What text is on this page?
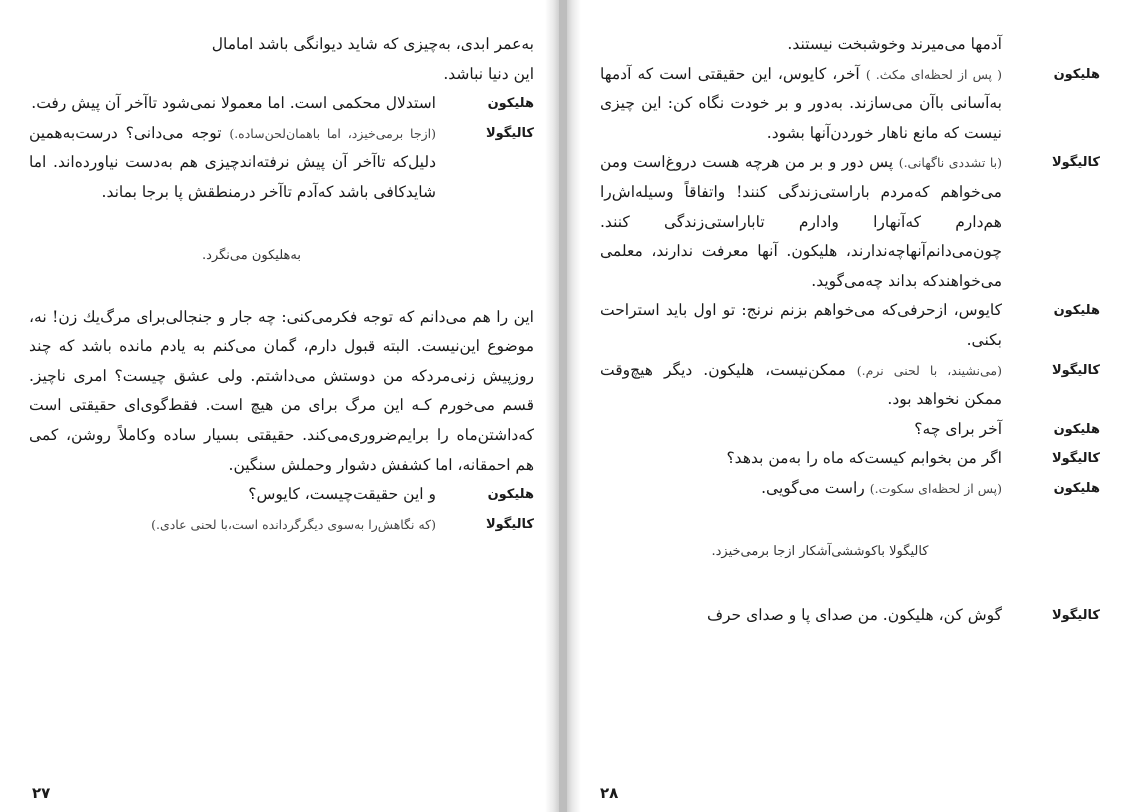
به‌عمر ابدی، به‌چیزی که شاید دیوانگی باشد امامال
این دنیا نباشد.
هلیکون
استدلال محکمی است. اما معمولا نمی‌شود تاآخر آن پیش رفت.
کالیگولا
(ازجا برمی‌خیزد، اما باهمان‌لحن‌ساده.) توجه می‌دانی؟ درست‌به‌همین دلیل‌که تاآخر آن پیش نرفته‌اندچیزی هم به‌دست نیاورده‌اند. اما شاید‌کافی باشد که‌آدم تاآخر درمنطقش پا برجا بماند.
به‌هلیکون می‌نگرد.
این را هم می‌دانم که توجه فکرمی‌کنی: چه جار و جنجالی‌برای مرگ‌یك زن! نه، موضوع این‌نیست. البته قبول دارم، گمان می‌کنم به یادم مانده باشد که چند روزپیش زنی‌مردکه من دوستش می‌داشتم. ولی عشق چیست؟ امری ناچیز. قسم می‌خورم کـه این مرگ برای من هیچ است. فقط‌گوی‌ای حقیقتی است که‌داشتن‌ماه را برایم‌ضروری‌می‌کند. حقیقتی بسیار ساده وکاملاً روشن، کمی هم احمقانه، اما کشفش دشوار وحملش سنگین.
هلیکون
و این حقیقت‌چیست، کایوس؟
کالیگولا
(که نگاهش‌را به‌سوی دیگرگردانده است،با لحنی عادی.)
۲۷
آدمها می‌میرند وخوشبخت نیستند.
هلیکون
( پس از لحظه‌ای مکث. ) آخر، کایوس، این حقیقتی است که آدمها به‌آسانی باآن می‌سازند. به‌دور و بر خودت نگاه کن: این چیزی نیست که مانع ناهار خوردن‌آنها بشود.
کالیگولا
(با تشددی ناگهانی.) پس دور و بر من هرچه هست دروغ‌است ومن می‌خواهم که‌مردم باراستی‌زندگی کنند! واتفاقاً وسیله‌اش‌را هم‌دارم که‌آنهارا وادارم تاباراستی‌زندگی کنند. چون‌می‌دانم‌آنهاچه‌ندارند، هلیکون. آنها معرفت ندارند، معلمی می‌خواهند‌که بداند چه‌می‌گوید.
هلیکون
کایوس، ازحرفی‌که می‌خواهم بزنم نرنج: تو اول باید استراحت بکنی.
کالیگولا
(می‌نشیند، با لحنی نرم.) ممکن‌نیست، هلیکون. دیگر هیچ‌وقت ممکن نخواهد بود.
هلیکون
آخر برای چه؟
کالیگولا
اگر من بخوابم کیست‌که ماه را به‌من بدهد؟
هلیکون
(پس از لحظه‌ای سکوت.) راست می‌گویی.
کالیگولا باکوششی‌آشکار ازجا برمی‌خیزد.
کالیگولا
گوش کن، هلیکون. من صدای پا و صدای حرف
۲۸
